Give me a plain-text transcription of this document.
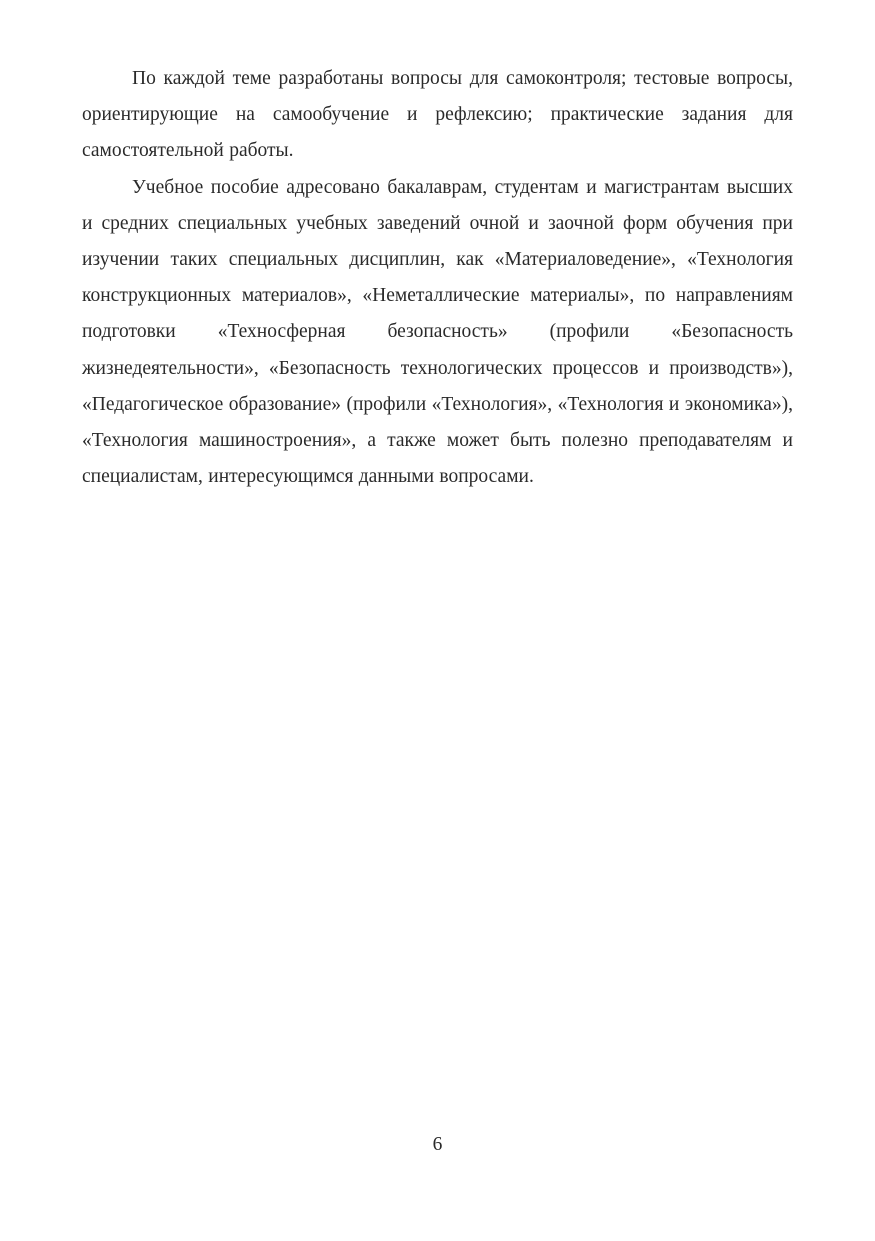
По каждой теме разработаны вопросы для самоконтроля; тестовые вопросы, ориентирующие на самообучение и рефлексию; практические задания для самостоятельной работы.

Учебное пособие адресовано бакалаврам, студентам и магистрантам высших и средних специальных учебных заведений очной и заочной форм обучения при изучении таких специальных дисциплин, как «Материаловедение», «Технология конструкционных материалов», «Неметаллические материалы», по направлениям подготовки «Техносферная безопасность» (профили «Безопасность жизнедеятельности», «Безопасность технологических процессов и производств»), «Педагогическое образование» (профили «Технология», «Технология и экономика»), «Технология машиностроения», а также может быть полезно преподавателям и специалистам, интересующимся данными вопросами.

6
